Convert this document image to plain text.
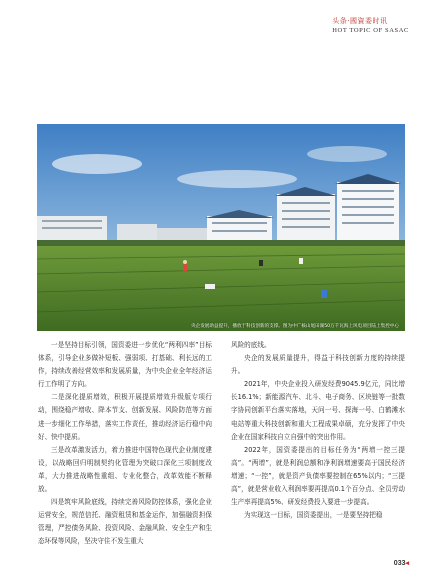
头条·國資委时讯
HOT TOPIC OF SASAC
央企发展助益提升，播放于科技创新的支撑。图为中广核山尾田湖50万千瓦海上风电项目陆上集控中心

一是坚持目标引领，国资委进一步优化“两利四率”目标体系，引导企业多做补短板、强弱项、打基础、利长远的工作，持续改善经营效率和发展质量，为中央企业全年经济运行工作明了方向。

二是深化提质增效，积极开展提质增效升级版专项行动，围绕稳产增收、降本节支、创新发展、风险防范等方面进一步细化工作举措，落实工作责任，推动经济运行稳中向好、快中提质。

三是改革激发活力，着力推进中国特色现代企业制度建设，以战略回归明制契约化管理为突破口深化三项制度改革，大力推进战略性重组、专业化整合，改革效能不断释放。

四是筑牢风险底线，持续完善风险防控体系，强化企业运营安全，规范信托、融资租赁和基金运作，加强融资担保管理，严控债务风险、投资风险、金融风险、安全生产和生态环保等风险，坚决守住不发生重大

风险的底线。

央企的发展质量提升，得益于科技创新力度的持续提升。

2021年，中央企业投入研发经费9045.9亿元，同比增长16.1%；新能源汽车、北斗、电子商务、区块链等一批数字协同创新平台落实落地，天问一号、探海一号、白鹤滩水电站等重大科技创新和重大工程成果卓硕，充分发挥了中央企业在国家科技自立自强中的突出作用。

2022年，国资委提出的目标任务为“两增一控三提高”。“两增”，就是利润总额和净利润增速要高于国民经济增速；“一控”，就是资产负债率要控制在65%以内；“三提高”，就是营业收入利润率要再提高0.1个百分点、全员劳动生产率再提高5%、研发经费投入要进一步提高。

为实现这一目标，国资委提出，一是要坚持把稳

033◂
